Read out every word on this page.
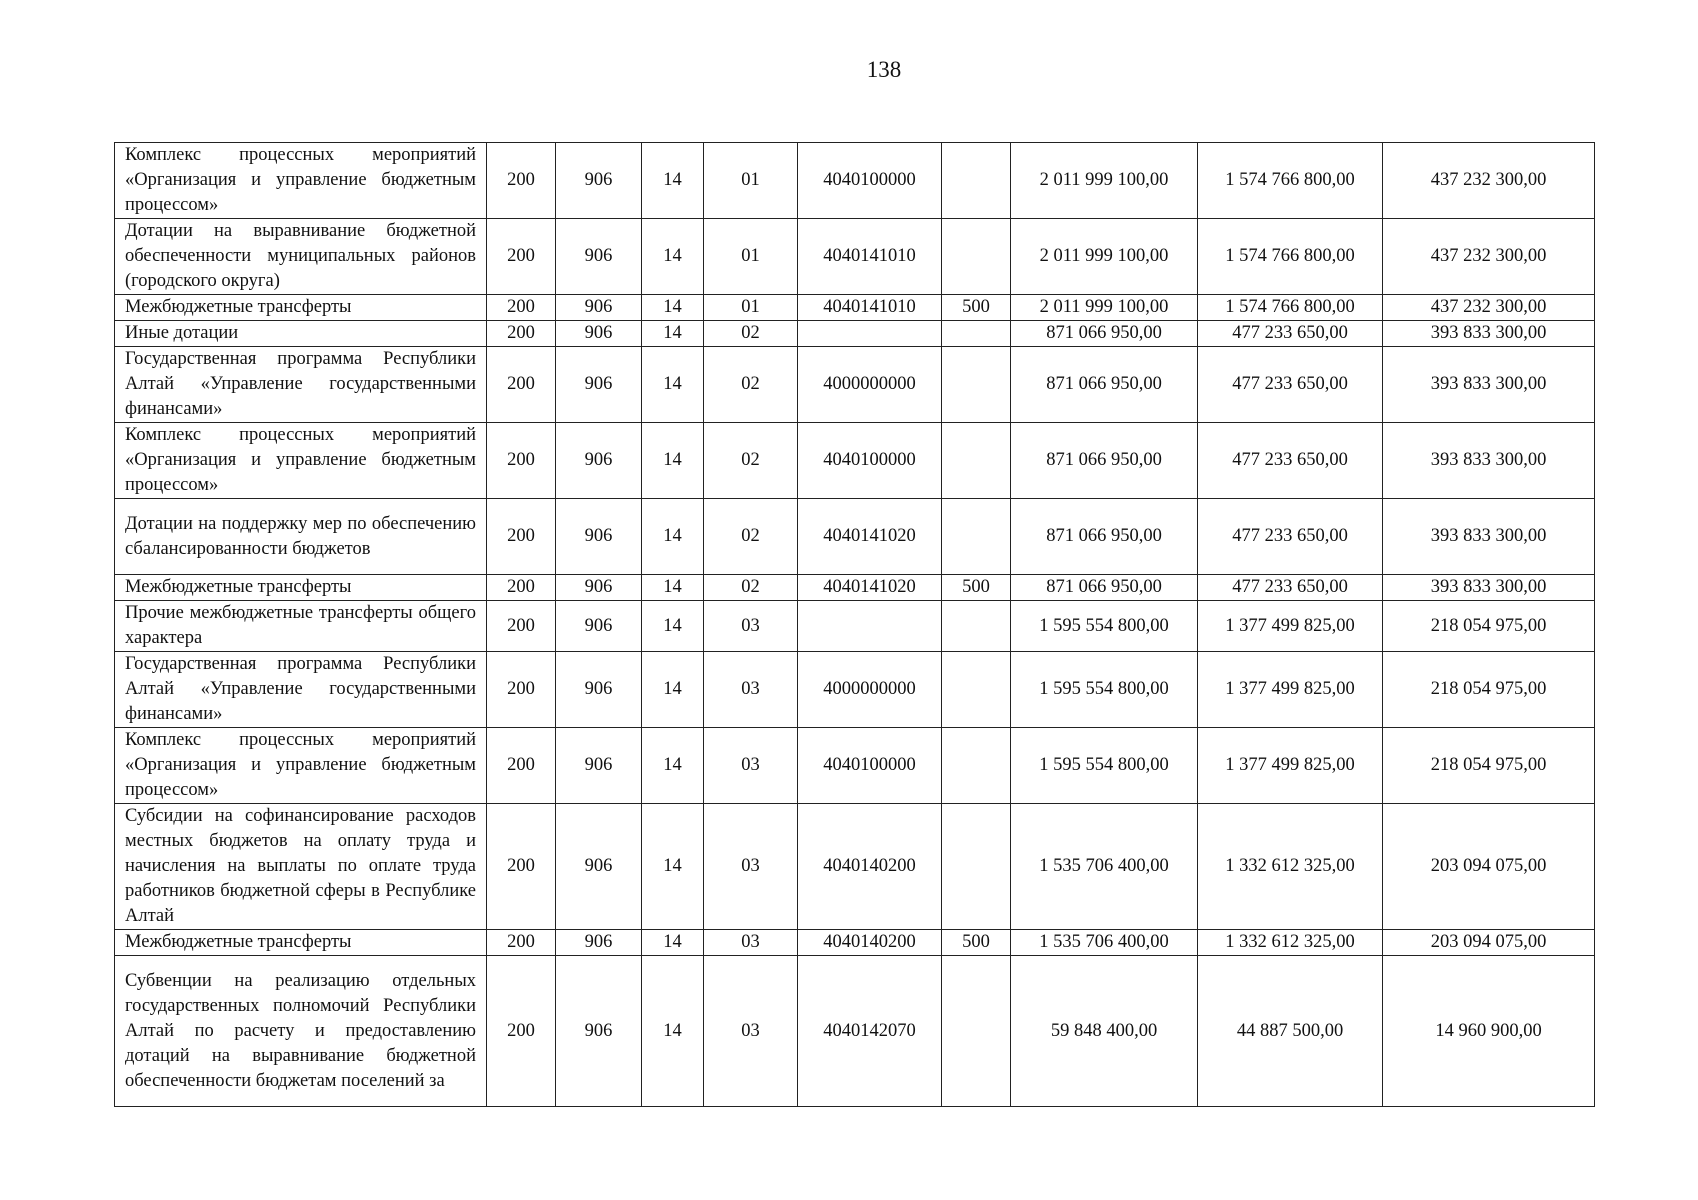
138
Комплекс процессных мероприятий «Организация и управление бюджетным процессом»	200	906	14	01	4040100000		2 011 999 100,00	1 574 766 800,00	437 232 300,00
Дотации на выравнивание бюджетной обеспеченности муниципальных районов (городского округа)	200	906	14	01	4040141010		2 011 999 100,00	1 574 766 800,00	437 232 300,00
Межбюджетные трансферты	200	906	14	01	4040141010	500	2 011 999 100,00	1 574 766 800,00	437 232 300,00
Иные дотации	200	906	14	02			871 066 950,00	477 233 650,00	393 833 300,00
Государственная программа Республики Алтай «Управление государственными финансами»	200	906	14	02	4000000000		871 066 950,00	477 233 650,00	393 833 300,00
Комплекс процессных мероприятий «Организация и управление бюджетным процессом»	200	906	14	02	4040100000		871 066 950,00	477 233 650,00	393 833 300,00
Дотации на поддержку мер по обеспечению сбалансированности бюджетов	200	906	14	02	4040141020		871 066 950,00	477 233 650,00	393 833 300,00
Межбюджетные трансферты	200	906	14	02	4040141020	500	871 066 950,00	477 233 650,00	393 833 300,00
Прочие межбюджетные трансферты общего характера	200	906	14	03			1 595 554 800,00	1 377 499 825,00	218 054 975,00
Государственная программа Республики Алтай «Управление государственными финансами»	200	906	14	03	4000000000		1 595 554 800,00	1 377 499 825,00	218 054 975,00
Комплекс процессных мероприятий «Организация и управление бюджетным процессом»	200	906	14	03	4040100000		1 595 554 800,00	1 377 499 825,00	218 054 975,00
Субсидии на софинансирование расходов местных бюджетов на оплату труда и начисления на выплаты по оплате труда работников бюджетной сферы в Республике Алтай	200	906	14	03	4040140200		1 535 706 400,00	1 332 612 325,00	203 094 075,00
Межбюджетные трансферты	200	906	14	03	4040140200	500	1 535 706 400,00	1 332 612 325,00	203 094 075,00
Субвенции на реализацию отдельных государственных полномочий Республики Алтай по расчету и предоставлению дотаций на выравнивание бюджетной обеспеченности бюджетам поселений за	200	906	14	03	4040142070		59 848 400,00	44 887 500,00	14 960 900,00
